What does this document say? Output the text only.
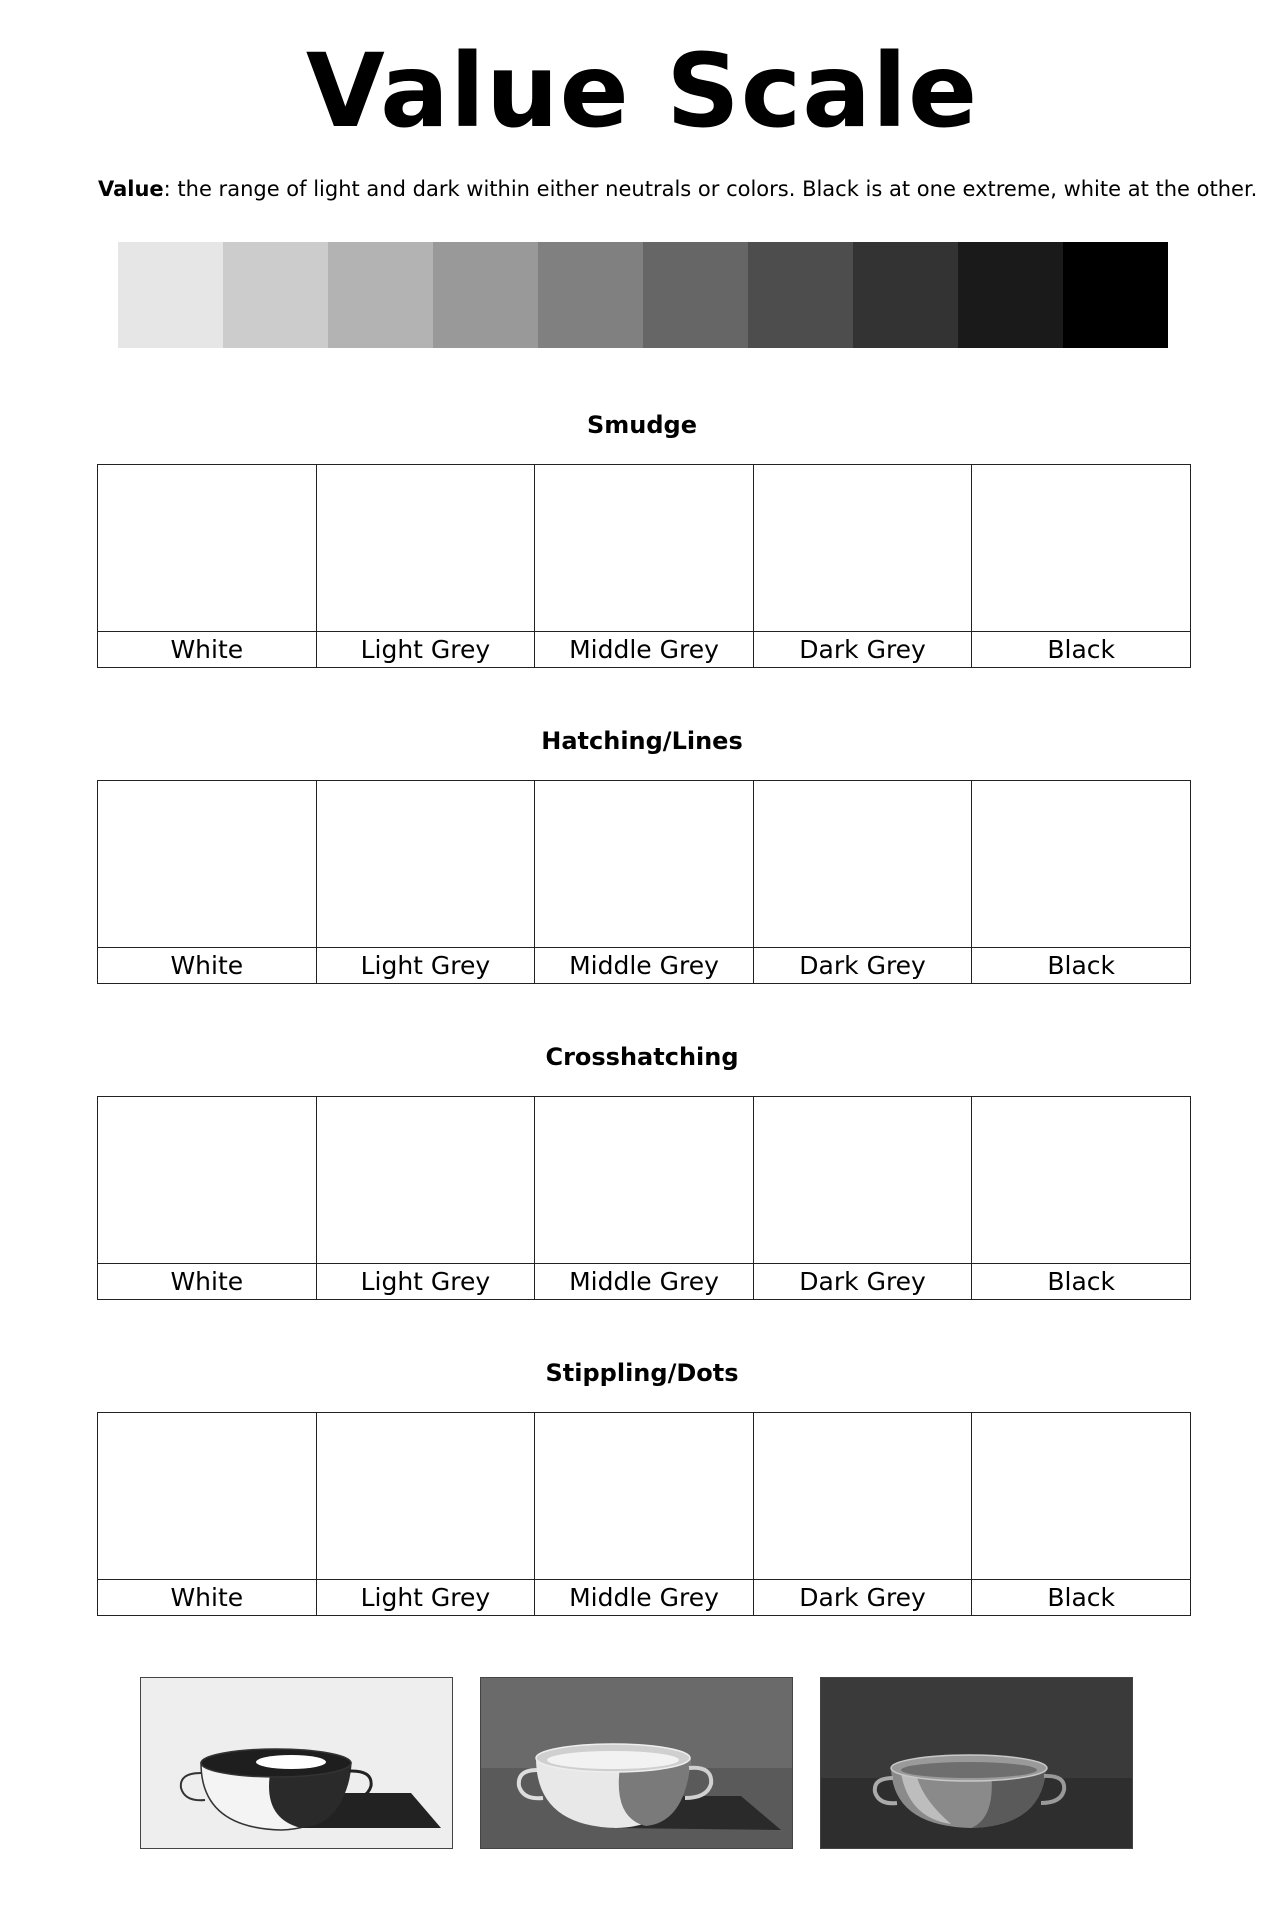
Value Scale
Value: the range of light and dark within either neutrals or colors. Black is at one extreme, white at the other.
Smudge
White	Light Grey	Middle Grey	Dark Grey	Black
Hatching/Lines
White	Light Grey	Middle Grey	Dark Grey	Black
Crosshatching
White	Light Grey	Middle Grey	Dark Grey	Black
Stippling/Dots
White	Light Grey	Middle Grey	Dark Grey	Black
